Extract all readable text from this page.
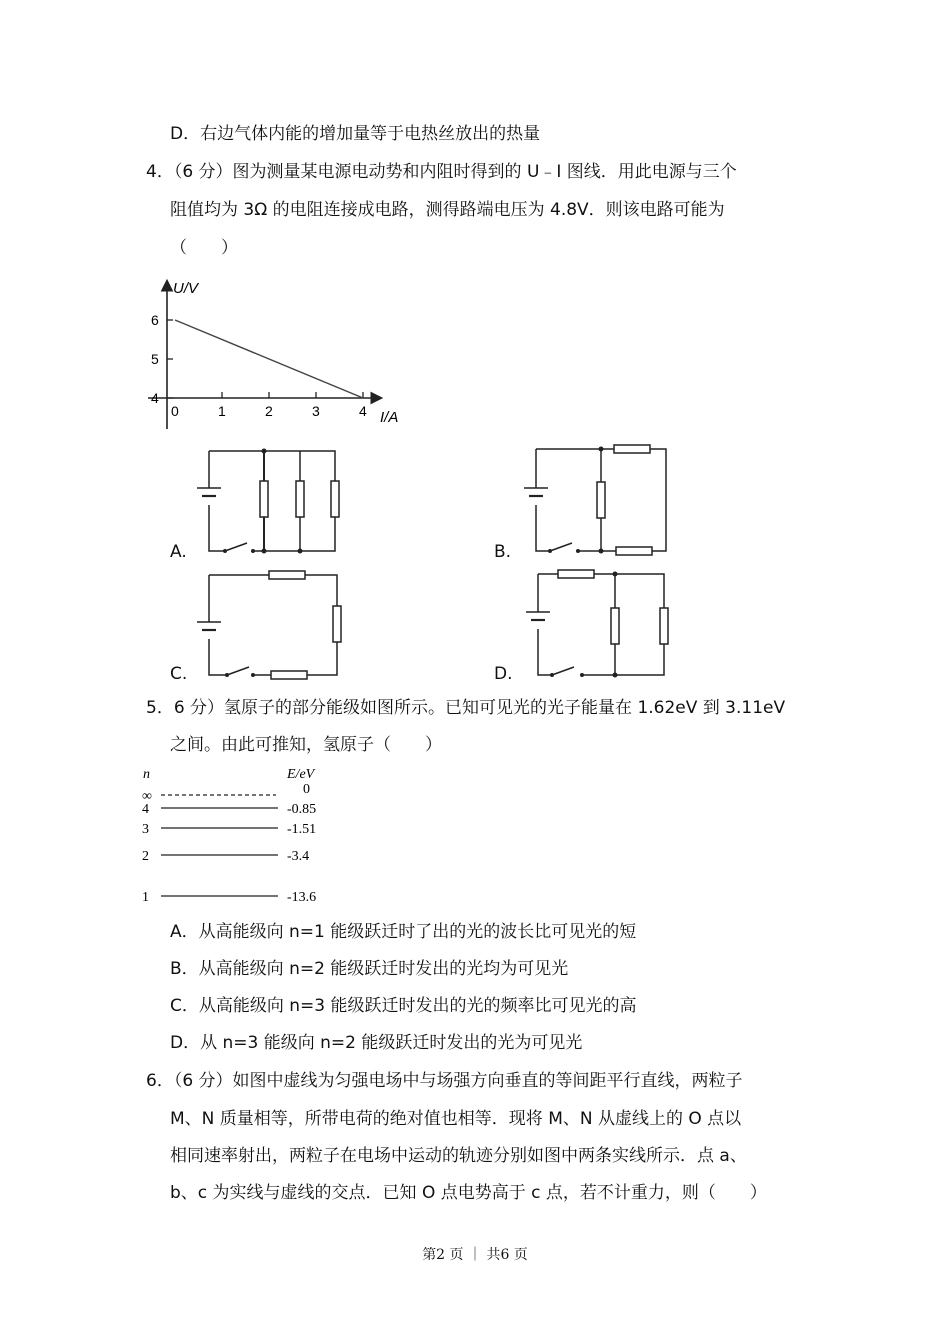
D．右边气体内能的增加量等于电热丝放出的热量
4．（6 分）图为测量某电源电动势和内阻时得到的 U﹣I 图线．用此电源与三个
阻值均为 3Ω 的电阻连接成电路，测得路端电压为 4.8V．则该电路可能为
（　　）
U/V
I/A
6
5
4
0	1	2	3	4
A.	B.
C.	D.
5．6 分）氢原子的部分能级如图所示。已知可见光的光子能量在 1.62eV 到 3.11eV
之间。由此可推知，氢原子（　　）
n	E/eV
∞	0
4	-0.85
3	-1.51
2	-3.4
1	-13.6
A．从高能级向 n=1 能级跃迁时了出的光的波长比可见光的短
B．从高能级向 n=2 能级跃迁时发出的光均为可见光
C．从高能级向 n=3 能级跃迁时发出的光的频率比可见光的高
D．从 n=3 能级向 n=2 能级跃迁时发出的光为可见光
6．（6 分）如图中虚线为匀强电场中与场强方向垂直的等间距平行直线，两粒子
M、N 质量相等，所带电荷的绝对值也相等．现将 M、N 从虚线上的 O 点以
相同速率射出，两粒子在电场中运动的轨迹分别如图中两条实线所示．点 a、
b、c 为实线与虚线的交点．已知 O 点电势高于 c 点，若不计重力，则（　　）
第2 页 ｜ 共6 页
